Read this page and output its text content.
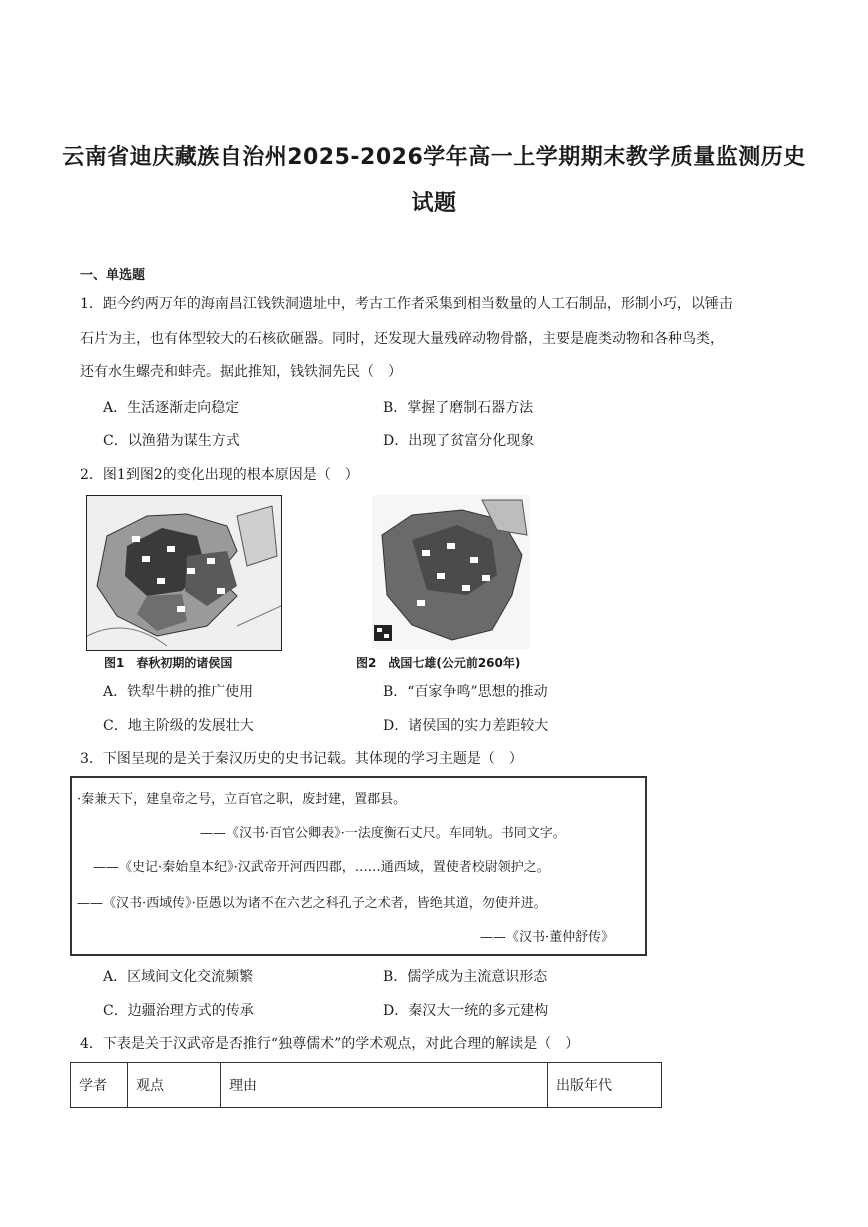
云南省迪庆藏族自治州2025-2026学年高一上学期期末教学质量监测历史
试题
一、单选题
1．距今约两万年的海南昌江钱铁洞遗址中，考古工作者采集到相当数量的人工石制品，形制小巧，以锤击
石片为主，也有体型较大的石核砍砸器。同时，还发现大量残碎动物骨骼，主要是鹿类动物和各种鸟类，
还有水生螺壳和蚌壳。据此推知，钱铁洞先民（　）
A．生活逐渐走向稳定	B．掌握了磨制石器方法
C．以渔猎为谋生方式	D．出现了贫富分化现象
2．图1到图2的变化出现的根本原因是（　）
图1　春秋初期的诸侯国	图2　战国七雄(公元前260年)
A．铁犁牛耕的推广使用	B．“百家争鸣”思想的推动
C．地主阶级的发展壮大	D．诸侯国的实力差距较大
3．下图呈现的是关于秦汉历史的史书记载。其体现的学习主题是（　）
·秦兼天下，建皇帝之号，立百官之职，废封建，置郡县。
——《汉书·百官公卿表》·一法度衡石丈尺。车同轨。书同文字。
——《史记·秦始皇本纪》·汉武帝开河西四郡，……通西域，置使者校尉领护之。
——《汉书·西域传》·臣愚以为诸不在六艺之科孔子之术者，皆绝其道，勿使并进。
——《汉书·董仲舒传》
A．区域间文化交流频繁	B．儒学成为主流意识形态
C．边疆治理方式的传承	D．秦汉大一统的多元建构
4．下表是关于汉武帝是否推行“独尊儒术”的学术观点，对此合理的解读是（　）
学者	观点	理由	出版年代
